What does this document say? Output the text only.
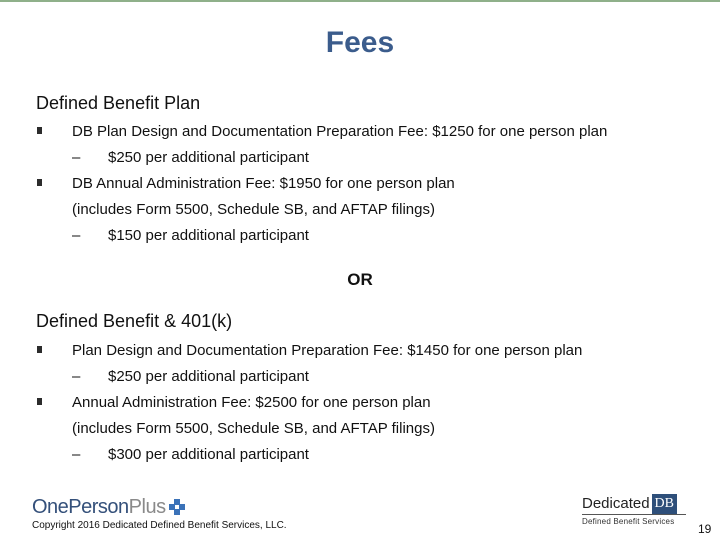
Fees
Defined Benefit Plan
DB Plan Design and Documentation Preparation Fee: $1250 for one person plan
– $250 per additional participant
DB Annual Administration Fee: $1950 for one person plan
(includes Form 5500, Schedule SB, and AFTAP filings)
– $150 per additional participant
OR
Defined Benefit & 401(k)
Plan Design and Documentation Preparation Fee: $1450 for one person plan
– $250 per additional participant
Annual Administration Fee: $2500 for one person plan
(includes Form 5500, Schedule SB, and AFTAP filings)
– $300 per additional participant
OnePersonPlus
Copyright 2016 Dedicated Defined Benefit Services, LLC.
Dedicated DB
Defined Benefit Services
19
